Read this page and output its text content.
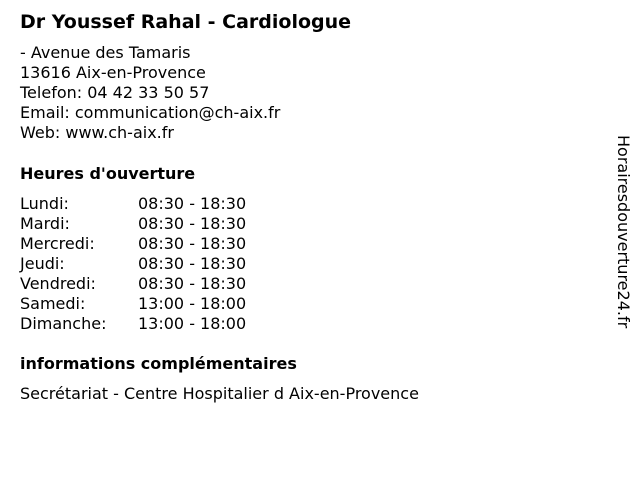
Dr Youssef Rahal - Cardiologue
- Avenue des Tamaris
13616 Aix-en-Provence
Telefon: 04 42 33 50 57
Email: communication@ch-aix.fr
Web: www.ch-aix.fr
Heures d'ouverture
Lundi:	08:30 - 18:30
Mardi:	08:30 - 18:30
Mercredi:	08:30 - 18:30
Jeudi:	08:30 - 18:30
Vendredi:	08:30 - 18:30
Samedi:	13:00 - 18:00
Dimanche:	13:00 - 18:00
informations complémentaires
Secrétariat - Centre Hospitalier d Aix-en-Provence
Horairesdouverture24.fr
